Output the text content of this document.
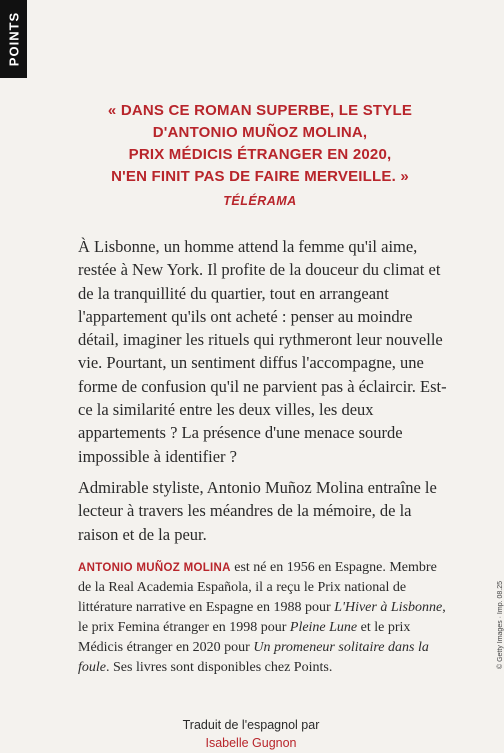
POINTS
« DANS CE ROMAN SUPERBE, LE STYLE
D'ANTONIO MUÑOZ MOLINA,
PRIX MÉDICIS ÉTRANGER EN 2020,
N'EN FINIT PAS DE FAIRE MERVEILLE. »
TÉLÉRAMA
À Lisbonne, un homme attend la femme qu'il aime, restée à New York. Il profite de la douceur du climat et de la tranquillité du quartier, tout en arrangeant l'appartement qu'ils ont acheté : penser au moindre détail, imaginer les rituels qui rythmeront leur nouvelle vie. Pourtant, un sentiment diffus l'accompagne, une forme de confusion qu'il ne parvient pas à éclaircir. Est-ce la similarité entre les deux villes, les deux appartements ? La présence d'une menace sourde impossible à identifier ?
Admirable styliste, Antonio Muñoz Molina entraîne le lecteur à travers les méandres de la mémoire, de la raison et de la peur.
ANTONIO MUÑOZ MOLINA est né en 1956 en Espagne. Membre de la Real Academia Española, il a reçu le Prix national de littérature narrative en Espagne en 1988 pour L'Hiver à Lisbonne, le prix Femina étranger en 1998 pour Pleine Lune et le prix Médicis étranger en 2020 pour Un promeneur solitaire dans la foule. Ses livres sont disponibles chez Points.
Traduit de l'espagnol par
Isabelle Gugnon
© Getty Images · Imp. 08.25
